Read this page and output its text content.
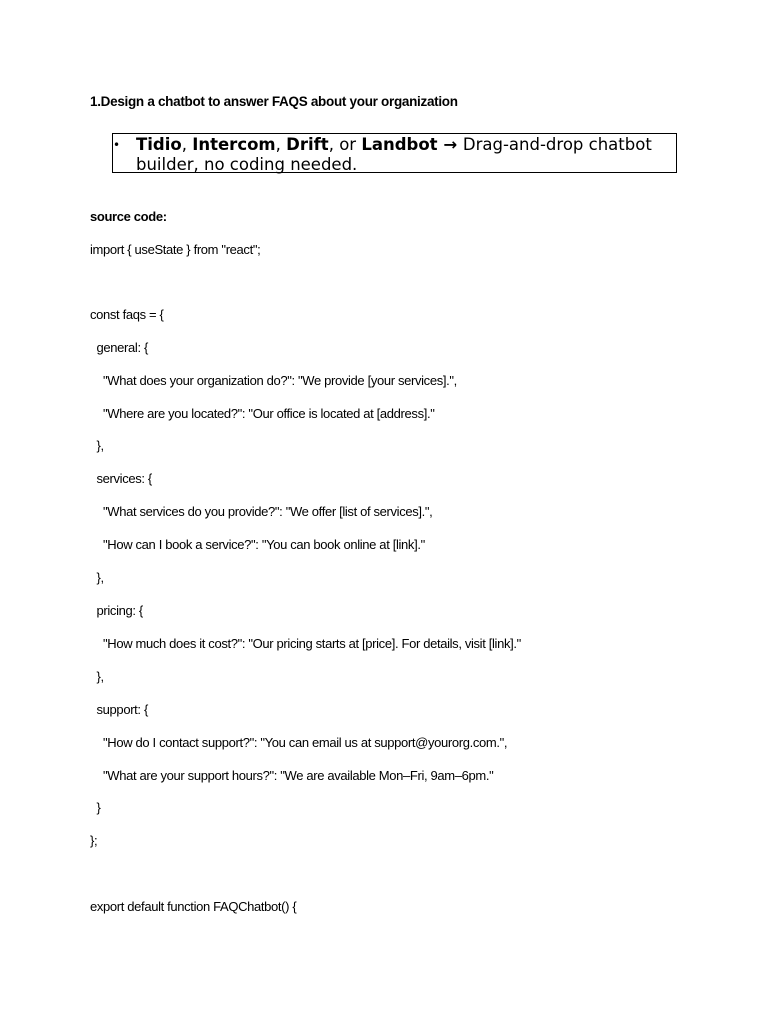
1.Design a chatbot to answer FAQS about your organization
• Tidio, Intercom, Drift, or Landbot → Drag-and-drop chatbot builder, no coding needed.
source code:
import { useState } from "react";
const faqs = {
general: {
"What does your organization do?": "We provide [your services].",
"Where are you located?": "Our office is located at [address]."
},
services: {
"What services do you provide?": "We offer [list of services].",
"How can I book a service?": "You can book online at [link]."
},
pricing: {
"How much does it cost?": "Our pricing starts at [price]. For details, visit [link]."
},
support: {
"How do I contact support?": "You can email us at support@yourorg.com.",
"What are your support hours?": "We are available Mon–Fri, 9am–6pm."
}
};
export default function FAQChatbot() {
